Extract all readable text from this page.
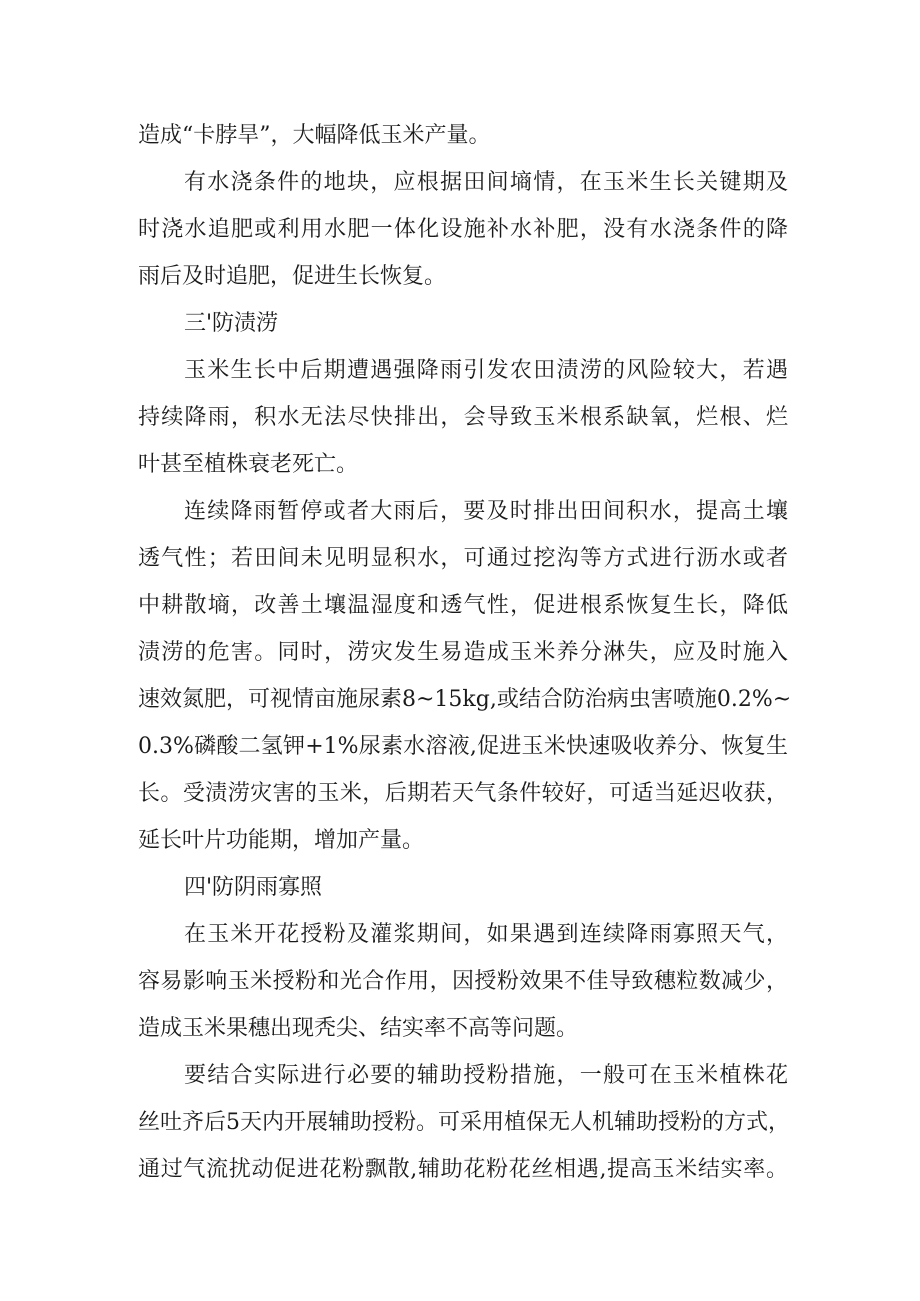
造成“卡脖旱”，大幅降低玉米产量。
有水浇条件的地块，应根据田间墒情，在玉米生长关键期及
时浇水追肥或利用水肥一体化设施补水补肥，没有水浇条件的降
雨后及时追肥，促进生长恢复。
三'防渍涝
玉米生长中后期遭遇强降雨引发农田渍涝的风险较大，若遇
持续降雨，积水无法尽快排出，会导致玉米根系缺氧，烂根、烂
叶甚至植株衰老死亡。
连续降雨暂停或者大雨后，要及时排出田间积水，提高土壤
透气性；若田间未见明显积水，可通过挖沟等方式进行沥水或者
中耕散墒，改善土壤温湿度和透气性，促进根系恢复生长，降低
渍涝的危害。同时，涝灾发生易造成玉米养分淋失，应及时施入
速效氮肥，可视情亩施尿素8~15kg,或结合防治病虫害喷施0.2%~
0.3%磷酸二氢钾+1%尿素水溶液,促进玉米快速吸收养分、恢复生
长。受渍涝灾害的玉米，后期若天气条件较好，可适当延迟收获，
延长叶片功能期，增加产量。
四'防阴雨寡照
在玉米开花授粉及灌浆期间，如果遇到连续降雨寡照天气，
容易影响玉米授粉和光合作用，因授粉效果不佳导致穗粒数减少，
造成玉米果穗出现秃尖、结实率不高等问题。
要结合实际进行必要的辅助授粉措施，一般可在玉米植株花
丝吐齐后5天内开展辅助授粉。可采用植保无人机辅助授粉的方式，
通过气流扰动促进花粉飘散,辅助花粉花丝相遇,提高玉米结实率。
